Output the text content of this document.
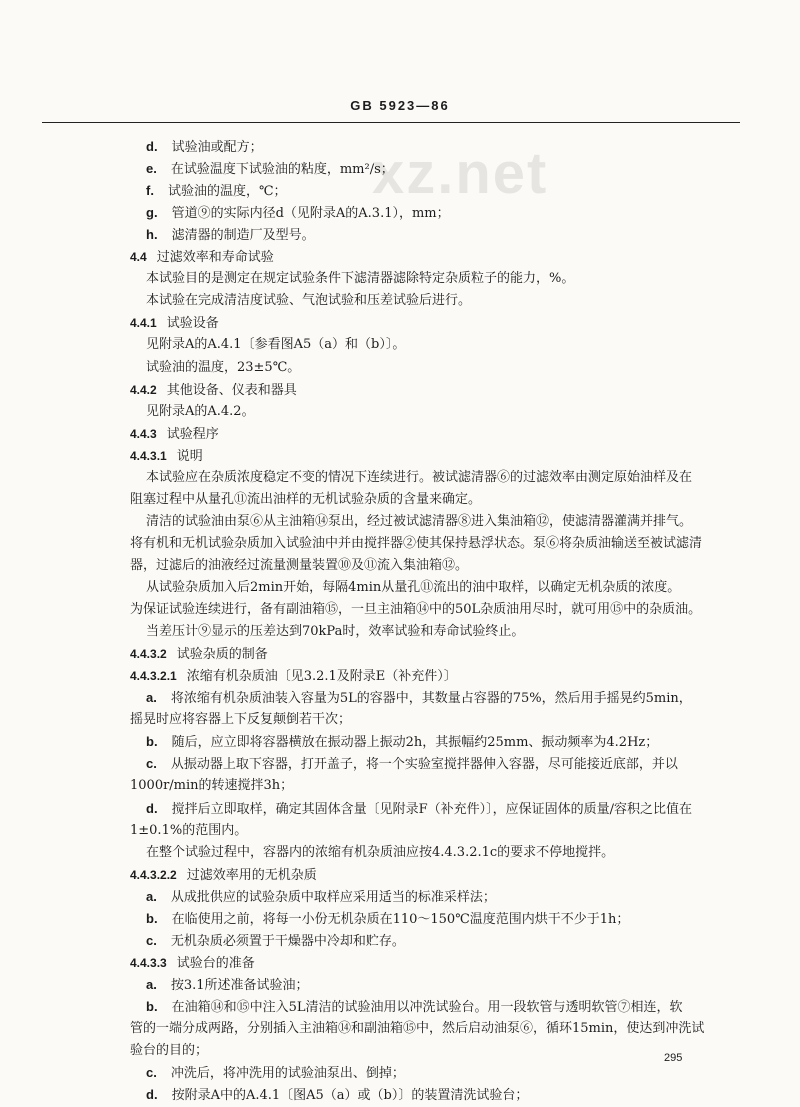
GB 5923—86
xz.net
d. 试验油或配方；
e. 在试验温度下试验油的粘度，mm²/s；
f. 试验油的温度，℃；
g. 管道⑨的实际内径d（见附录A的A.3.1），mm；
h. 滤清器的制造厂及型号。
4.4 过滤效率和寿命试验
本试验目的是测定在规定试验条件下滤清器滤除特定杂质粒子的能力，%。
本试验在完成清洁度试验、气泡试验和压差试验后进行。
4.4.1 试验设备
见附录A的A.4.1〔参看图A5（a）和（b）〕。
试验油的温度，23±5℃。
4.4.2 其他设备、仪表和器具
见附录A的A.4.2。
4.4.3 试验程序
4.4.3.1 说明
本试验应在杂质浓度稳定不变的情况下连续进行。被试滤清器⑥的过滤效率由测定原始油样及在
阻塞过程中从量孔⑪流出油样的无机试验杂质的含量来确定。
清洁的试验油由泵⑥从主油箱⑭泵出，经过被试滤清器⑧进入集油箱⑫，使滤清器灌满并排气。
将有机和无机试验杂质加入试验油中并由搅拌器②使其保持悬浮状态。泵⑥将杂质油输送至被试滤清
器，过滤后的油液经过流量测量装置⑩及⑪流入集油箱⑫。
从试验杂质加入后2min开始，每隔4min从量孔⑪流出的油中取样，以确定无机杂质的浓度。
为保证试验连续进行，备有副油箱⑮，一旦主油箱⑭中的50L杂质油用尽时，就可用⑮中的杂质油。
当差压计⑨显示的压差达到70kPa时，效率试验和寿命试验终止。
4.4.3.2 试验杂质的制备
4.4.3.2.1 浓缩有机杂质油〔见3.2.1及附录E（补充件）〕
a. 将浓缩有机杂质油装入容量为5L的容器中，其数量占容器的75%，然后用手摇晃约5min，
摇晃时应将容器上下反复颠倒若干次；
b. 随后，应立即将容器横放在振动器上振动2h，其振幅约25mm、振动频率为4.2Hz；
c. 从振动器上取下容器，打开盖子，将一个实验室搅拌器伸入容器，尽可能接近底部，并以
1000r/min的转速搅拌3h；
d. 搅拌后立即取样，确定其固体含量〔见附录F（补充件）〕，应保证固体的质量/容积之比值在
1±0.1%的范围内。
在整个试验过程中，容器内的浓缩有机杂质油应按4.4.3.2.1c的要求不停地搅拌。
4.4.3.2.2 过滤效率用的无机杂质
a. 从成批供应的试验杂质中取样应采用适当的标准采样法；
b. 在临使用之前，将每一小份无机杂质在110～150℃温度范围内烘干不少于1h；
c. 无机杂质必须置于干燥器中冷却和贮存。
4.4.3.3 试验台的准备
a. 按3.1所述准备试验油；
b. 在油箱⑭和⑮中注入5L清洁的试验油用以冲洗试验台。用一段软管与透明软管⑦相连，软
管的一端分成两路，分别插入主油箱⑭和副油箱⑮中，然后启动油泵⑥，循环15min，使达到冲洗试
验台的目的；
c. 冲洗后，将冲洗用的试验油泵出、倒掉；
d. 按附录A中的A.4.1〔图A5（a）或（b）〕的装置清洗试验台；
295
